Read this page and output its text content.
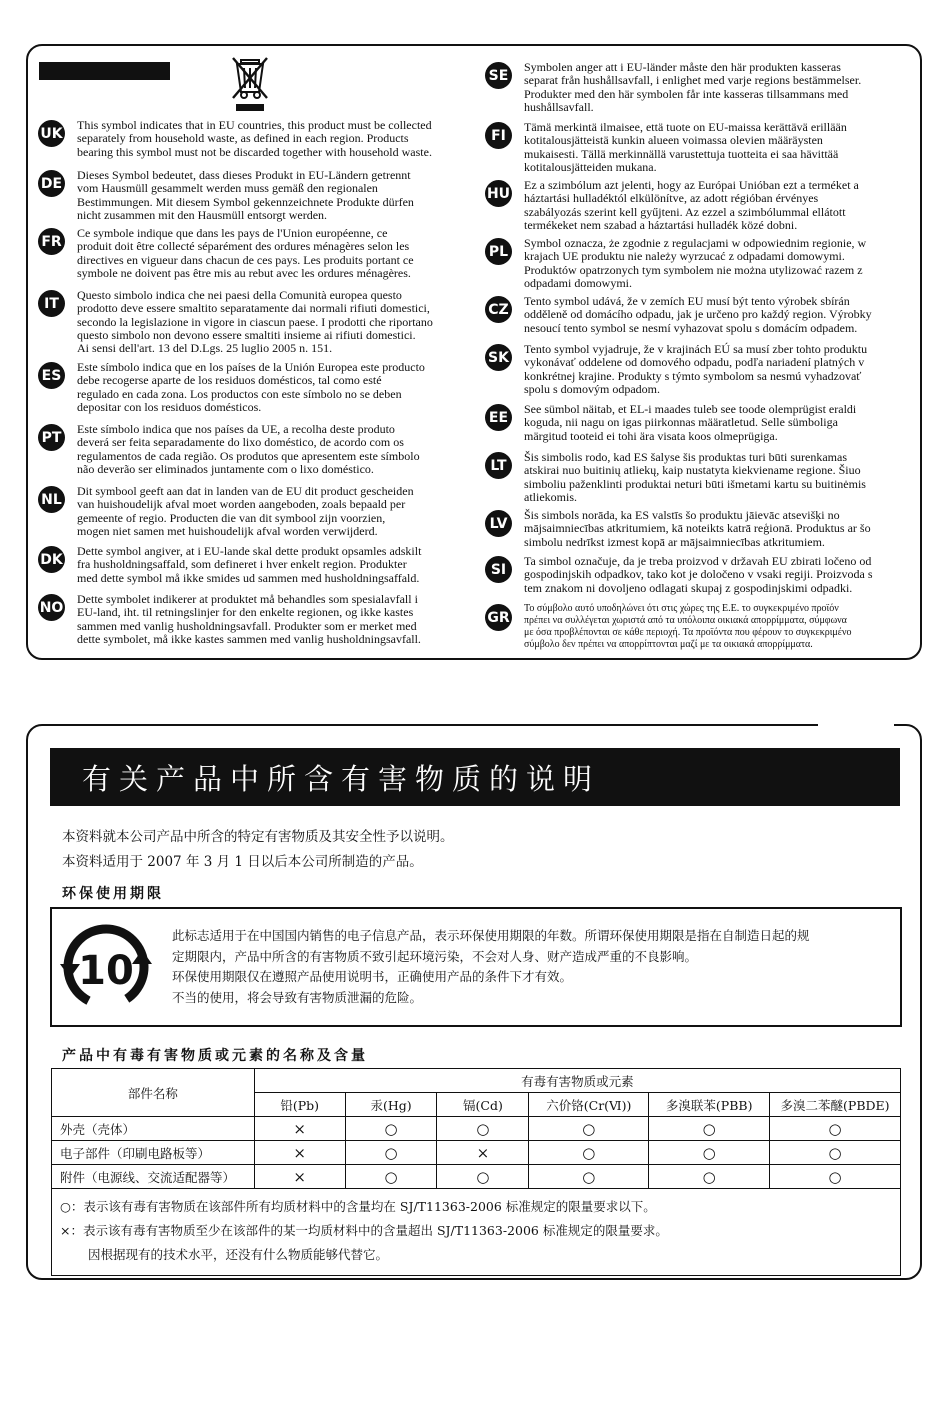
UK
This symbol indicates that in EU countries, this product must be collected
separately from household waste, as defined in each region. Products
bearing this symbol must not be discarded together with household waste.
DE
Dieses Symbol bedeutet, dass dieses Produkt in EU-Ländern getrennt
vom Hausmüll gesammelt werden muss gemäß den regionalen
Bestimmungen. Mit diesem Symbol gekennzeichnete Produkte dürfen
nicht zusammen mit den Hausmüll entsorgt werden.
FR
Ce symbole indique que dans les pays de l'Union européenne, ce
produit doit être collecté séparément des ordures ménagères selon les
directives en vigueur dans chacun de ces pays. Les produits portant ce
symbole ne doivent pas être mis au rebut avec les ordures ménagères.
IT
Questo simbolo indica che nei paesi della Comunità europea questo
prodotto deve essere smaltito separatamente dai normali rifiuti domestici,
secondo la legislazione in vigore in ciascun paese. I prodotti che riportano
questo simbolo non devono essere smaltiti insieme ai rifiuti domestici.
Ai sensi dell'art. 13 del D.Lgs. 25 luglio 2005 n. 151.
ES
Este símbolo indica que en los países de la Unión Europea este producto
debe recogerse aparte de los residuos domésticos, tal como esté
regulado en cada zona. Los productos con este símbolo no se deben
depositar con los residuos domésticos.
PT
Este símbolo indica que nos países da UE, a recolha deste produto
deverá ser feita separadamente do lixo doméstico, de acordo com os
regulamentos de cada região. Os produtos que apresentem este símbolo
não deverão ser eliminados juntamente com o lixo doméstico.
NL
Dit symbool geeft aan dat in landen van de EU dit product gescheiden
van huishoudelijk afval moet worden aangeboden, zoals bepaald per
gemeente of regio. Producten die van dit symbool zijn voorzien,
mogen niet samen met huishoudelijk afval worden verwijderd.
DK
Dette symbol angiver, at i EU-lande skal dette produkt opsamles adskilt
fra husholdningsaffald, som defineret i hver enkelt region. Produkter
med dette symbol må ikke smides ud sammen med husholdningsaffald.
NO
Dette symbolet indikerer at produktet må behandles som spesialavfall i
EU-land, iht. til retningslinjer for den enkelte regionen, og ikke kastes
sammen med vanlig husholdningsavfall. Produkter som er merket med
dette symbolet, må ikke kastes sammen med vanlig husholdningsavfall.
SE
Symbolen anger att i EU-länder måste den här produkten kasseras
separat från hushållsavfall, i enlighet med varje regions bestämmelser.
Produkter med den här symbolen får inte kasseras tillsammans med
hushållsavfall.
FI
Tämä merkintä ilmaisee, että tuote on EU-maissa kerättävä erillään
kotitalousjätteistä kunkin alueen voimassa olevien määräysten
mukaisesti. Tällä merkinnällä varustettuja tuotteita ei saa hävittää
kotitalousjätteiden mukana.
HU
Ez a szimbólum azt jelenti, hogy az Európai Unióban ezt a terméket a
háztartási hulladéktól elkülönítve, az adott régióban érvényes
szabályozás szerint kell gyűjteni. Az ezzel a szimbólummal ellátott
termékeket nem szabad a háztartási hulladék közé dobni.
PL
Symbol oznacza, że zgodnie z regulacjami w odpowiednim regionie, w
krajach UE produktu nie należy wyrzucać z odpadami domowymi.
Produktów opatrzonych tym symbolem nie można utylizować razem z
odpadami domowymi.
CZ
Tento symbol udává, že v zemích EU musí být tento výrobek sbírán
odděleně od domácího odpadu, jak je určeno pro každý region. Výrobky
nesoucí tento symbol se nesmí vyhazovat spolu s domácím odpadem.
SK
Tento symbol vyjadruje, že v krajinách EÚ sa musí zber tohto produktu
vykonávať oddelene od domového odpadu, podľa nariadení platných v
konkrétnej krajine. Produkty s týmto symbolom sa nesmú vyhadzovať
spolu s domovým odpadom.
EE
See sümbol näitab, et EL-i maades tuleb see toode olemprügist eraldi
koguda, nii nagu on igas piirkonnas määratletud. Selle sümboliga
märgitud tooteid ei tohi ära visata koos olmeprügiga.
LT
Šis simbolis rodo, kad ES šalyse šis produktas turi būti surenkamas
atskirai nuo buitinių atliekų, kaip nustatyta kiekviename regione. Šiuo
simboliu paženklinti produktai neturi būti išmetami kartu su buitinėmis
atliekomis.
LV
Šis simbols norāda, ka ES valstīs šo produktu jāievāc atsevišķi no
mājsaimniecības atkritumiem, kā noteikts katrā reģionā. Produktus ar šo
simbolu nedrīkst izmest kopā ar mājsaimniecības atkritumiem.
SI
Ta simbol označuje, da je treba proizvod v državah EU zbirati ločeno od
gospodinjskih odpadkov, tako kot je določeno v vsaki regiji. Proizvoda s
tem znakom ni dovoljeno odlagati skupaj z gospodinjskimi odpadki.
GR
Το σύμβολο αυτό υποδηλώνει ότι στις χώρες της Ε.Ε. το συγκεκριμένο προϊόν
πρέπει να συλλέγεται χωριστά από τα υπόλοιπα οικιακά απορρίμματα, σύμφωνα
με όσα προβλέπονται σε κάθε περιοχή. Τα προϊόντα που φέρουν το συγκεκριμένο
σύμβολο δεν πρέπει να απορρίπτονται μαζί με τα οικιακά απορρίμματα.
有关产品中所含有害物质的说明
本资料就本公司产品中所含的特定有害物质及其安全性予以说明。
本资料适用于 2007 年 3 月 1 日以后本公司所制造的产品。
环保使用期限
10
此标志适用于在中国国内销售的电子信息产品，表示环保使用期限的年数。所谓环保使用期限是指在自制造日起的规
定期限内，产品中所含的有害物质不致引起环境污染，不会对人身、财产造成严重的不良影响。
环保使用期限仅在遵照产品使用说明书，正确使用产品的条件下才有效。
不当的使用，将会导致有害物质泄漏的危险。
产品中有毒有害物质或元素的名称及含量
部件名称	有毒有害物质或元素					
	铅(Pb)	汞(Hg)	镉(Cd)	六价铬(Cr(Ⅵ))	多溴联苯(PBB)	多溴二苯醚(PBDE)
外壳（壳体）	×	○	○	○	○	○
电子部件（印刷电路板等）	×	○	×	○	○	○
附件（电源线、交流适配器等）	×	○	○	○	○	○

○：表示该有毒有害物质在该部件所有均质材料中的含量均在 SJ/T11363-2006 标准规定的限量要求以下。
×：表示该有毒有害物质至少在该部件的某一均质材料中的含量超出 SJ/T11363-2006 标准规定的限量要求。
因根据现有的技术水平，还没有什么物质能够代替它。						
